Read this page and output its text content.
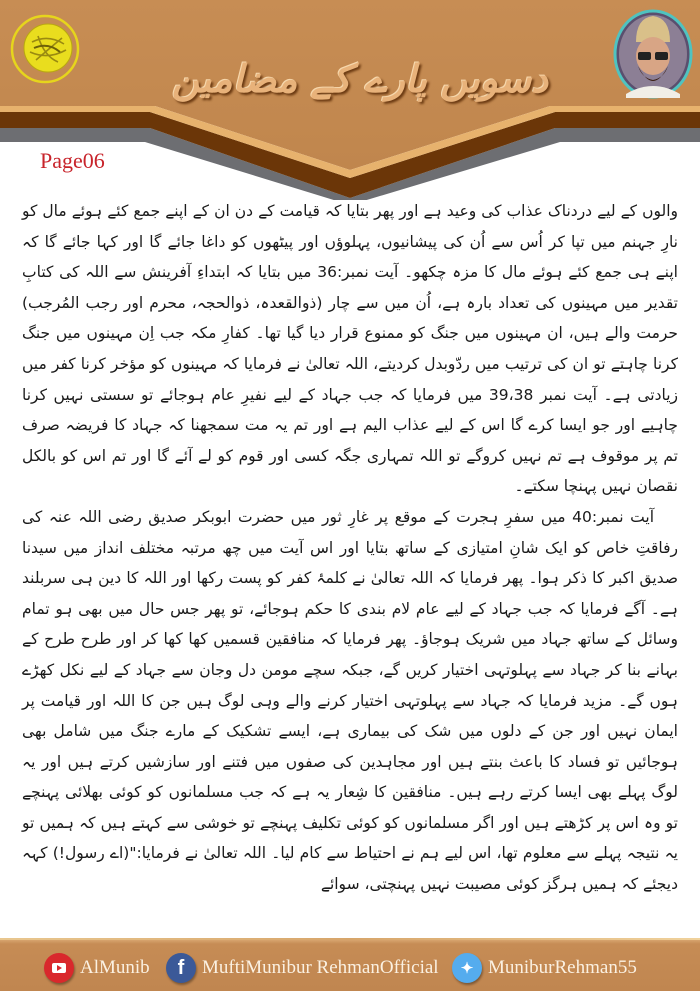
دسویں پارے کے مضامین
Page06

والوں کے لیے دردناک عذاب کی وعید ہے اور پھر بتایا کہ قیامت کے دن ان کے اپنے جمع کئے ہوئے مال کو نارِ جہنم میں تپا کر اُس سے اُن کی پیشانیوں، پہلوؤں اور پیٹھوں کو داغا جائے گا اور کہا جائے گا کہ اپنے ہی جمع کئے ہوئے مال کا مزہ چکھو۔ آیت نمبر:36 میں بتایا کہ ابتداءِ آفرینش سے اللہ کی کتابِ تقدیر میں مہینوں کی تعداد بارہ ہے، اُن میں سے چار (ذوالقعدہ، ذوالحجہ، محرم اور رجب المُرجب) حرمت والے ہیں، ان مہینوں میں جنگ کو ممنوع قرار دیا گیا تھا۔ کفارِ مکہ جب اِن مہینوں میں جنگ کرنا چاہتے تو ان کی ترتیب میں ردّوبدل کردیتے، اللہ تعالیٰ نے فرمایا کہ مہینوں کو مؤخر کرنا کفر میں زیادتی ہے۔ آیت نمبر 39،38 میں فرمایا کہ جب جہاد کے لیے نفیرِ عام ہوجائے تو سستی نہیں کرنا چاہیے اور جو ایسا کرے گا اس کے لیے عذاب الیم ہے اور تم یہ مت سمجھنا کہ جہاد کا فریضہ صرف تم پر موقوف ہے تم نہیں کروگے تو اللہ تمہاری جگہ کسی اور قوم کو لے آئے گا اور تم اس کو بالکل نقصان نہیں پہنچا سکتے۔

آیت نمبر:40 میں سفرِ ہجرت کے موقع پر غارِ ثور میں حضرت ابوبکر صدیق رضی اللہ عنہ کی رفاقتِ خاص کو ایک شانِ امتیازی کے ساتھ بتایا اور اس آیت میں چھ مرتبہ مختلف انداز میں سیدنا صدیق اکبر کا ذکر ہوا۔ پھر فرمایا کہ اللہ تعالیٰ نے کلمۂ کفر کو پست رکھا اور اللہ کا دین ہی سربلند ہے۔ آگے فرمایا کہ جب جہاد کے لیے عام لام بندی کا حکم ہوجائے، تو پھر جس حال میں بھی ہو تمام وسائل کے ساتھ جہاد میں شریک ہوجاؤ۔ پھر فرمایا کہ منافقین قسمیں کھا کھا کر اور طرح طرح کے بہانے بنا کر جہاد سے پہلوتہی اختیار کریں گے، جبکہ سچے مومن دل وجان سے جہاد کے لیے نکل کھڑے ہوں گے۔ مزید فرمایا کہ جہاد سے پہلوتہی اختیار کرنے والے وہی لوگ ہیں جن کا اللہ اور قیامت پر ایمان نہیں اور جن کے دلوں میں شک کی بیماری ہے، ایسے تشکیک کے مارے جنگ میں شامل بھی ہوجائیں تو فساد کا باعث بنتے ہیں اور مجاہدین کی صفوں میں فتنے اور سازشیں کرتے ہیں اور یہ لوگ پہلے بھی ایسا کرتے رہے ہیں۔ منافقین کا شِعار یہ ہے کہ جب مسلمانوں کو کوئی بھلائی پہنچے تو وہ اس پر کڑھتے ہیں اور اگر مسلمانوں کو کوئی تکلیف پہنچے تو خوشی سے کہتے ہیں کہ ہمیں تو یہ نتیجہ پہلے سے معلوم تھا، اس لیے ہم نے احتیاط سے کام لیا۔ اللہ تعالیٰ نے فرمایا:"(اے رسول!) کہہ دیجئے کہ ہمیں ہرگز کوئی مصیبت نہیں پہنچتی، سوائے

AlMunib	f MuftiMunibur RehmanOfficial	✦ MuniburRehman55
